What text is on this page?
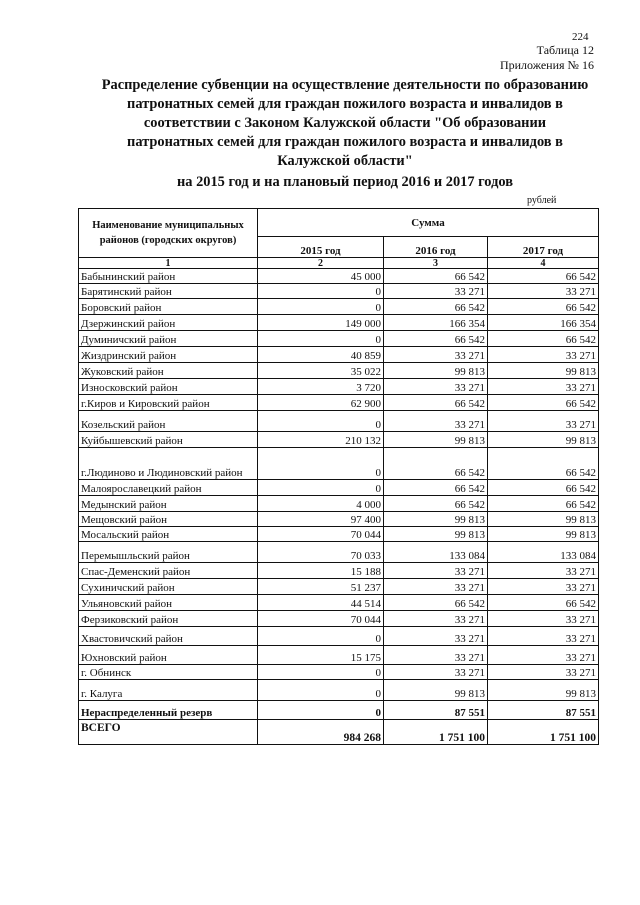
224
Таблица 12
Приложения № 16
Распределение субвенции на осуществление деятельности по образованию
патронатных семей для граждан пожилого возраста и инвалидов в
соответствии с Законом Калужской области "Об образовании
патронатных семей для граждан пожилого возраста и инвалидов в
Калужской области"
на 2015 год и на плановый период 2016 и 2017 годов
рублей
Наименование муниципальных районов (городских округов)	Сумма		
	2015 год	2016 год	2017 год
1	2	3	4
Бабынинский район	45 000	66 542	66 542
Барятинский район	0	33 271	33 271
Боровский район	0	66 542	66 542
Дзержинский район	149 000	166 354	166 354
Думиничский район	0	66 542	66 542
Жиздринский район	40 859	33 271	33 271
Жуковский район	35 022	99 813	99 813
Износковский район	3 720	33 271	33 271
г.Киров и Кировский район	62 900	66 542	66 542
Козельский район	0	33 271	33 271
Куйбышевский район	210 132	99 813	99 813
г.Людиново и Людиновский район	0	66 542	66 542
Малоярославецкий район	0	66 542	66 542
Медынский район	4 000	66 542	66 542
Мещовский район	97 400	99 813	99 813
Мосальский район	70 044	99 813	99 813
Перемышльский район	70 033	133 084	133 084
Спас-Деменский район	15 188	33 271	33 271
Сухиничский район	51 237	33 271	33 271
Ульяновский район	44 514	66 542	66 542
Ферзиковский район	70 044	33 271	33 271
Хвастовичский район	0	33 271	33 271
Юхновский район	15 175	33 271	33 271
г. Обнинск	0	33 271	33 271
г. Калуга	0	99 813	99 813
Нераспределенный резерв	0	87 551	87 551
ВСЕГО	984 268	1 751 100	1 751 100
